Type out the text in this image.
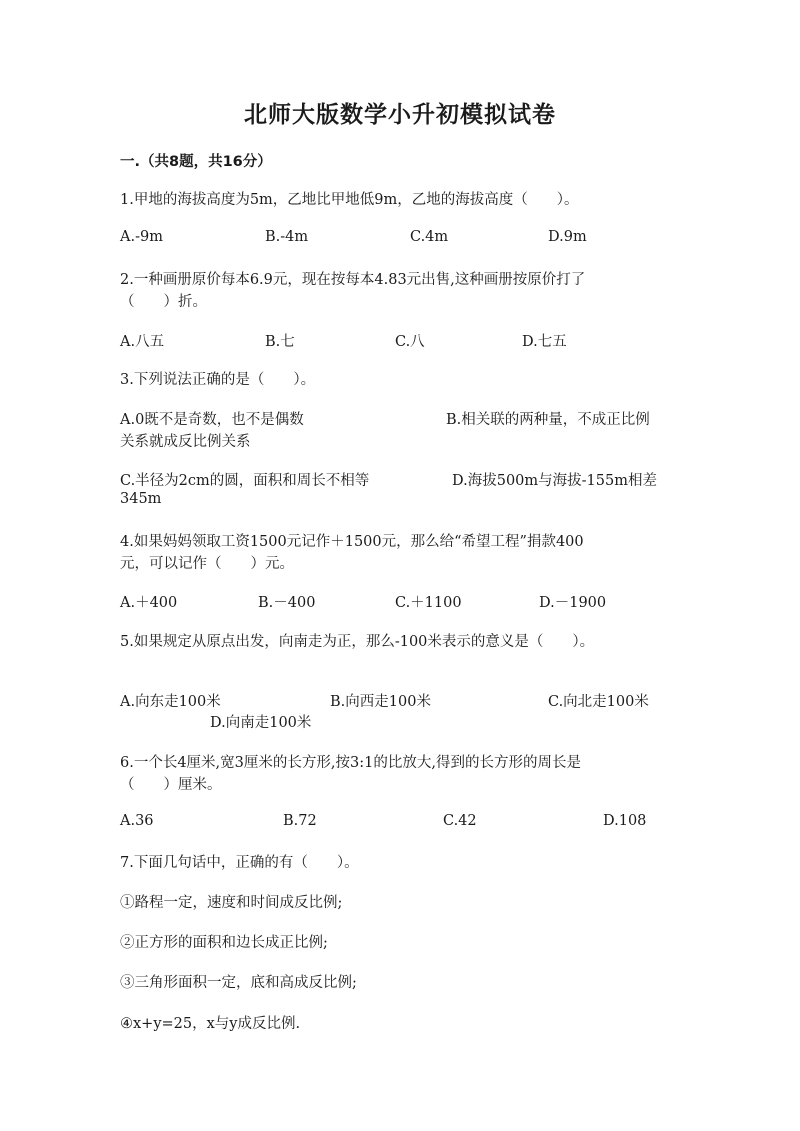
北师大版数学小升初模拟试卷
一.（共8题，共16分）
1.甲地的海拔高度为5m，乙地比甲地低9m，乙地的海拔高度（　　）。
A.-9m	B.-4m	C.4m	D.9m
2.一种画册原价每本6.9元，现在按每本4.83元出售,这种画册按原价打了
（　　）折。
A.八五	B.七	C.八	D.七五
3.下列说法正确的是（　　）。
A.0既不是奇数，也不是偶数	B.相关联的两种量，不成正比例
关系就成反比例关系
C.半径为2cm的圆，面积和周长不相等	D.海拔500m与海拔-155m相差
345m
4.如果妈妈领取工资1500元记作＋1500元，那么给“希望工程”捐款400
元，可以记作（　　）元。
A.＋400	B.－400	C.＋1100	D.－1900
5.如果规定从原点出发，向南走为正，那么-100米表示的意义是（　　）。
A.向东走100米	B.向西走100米	C.向北走100米
D.向南走100米
6.一个长4厘米,宽3厘米的长方形,按3:1的比放大,得到的长方形的周长是
（　　）厘米。
A.36	B.72	C.42	D.108
7.下面几句话中，正确的有（　　）。
①路程一定，速度和时间成反比例;
②正方形的面积和边长成正比例;
③三角形面积一定，底和高成反比例;
④x+y=25，x与y成反比例.
